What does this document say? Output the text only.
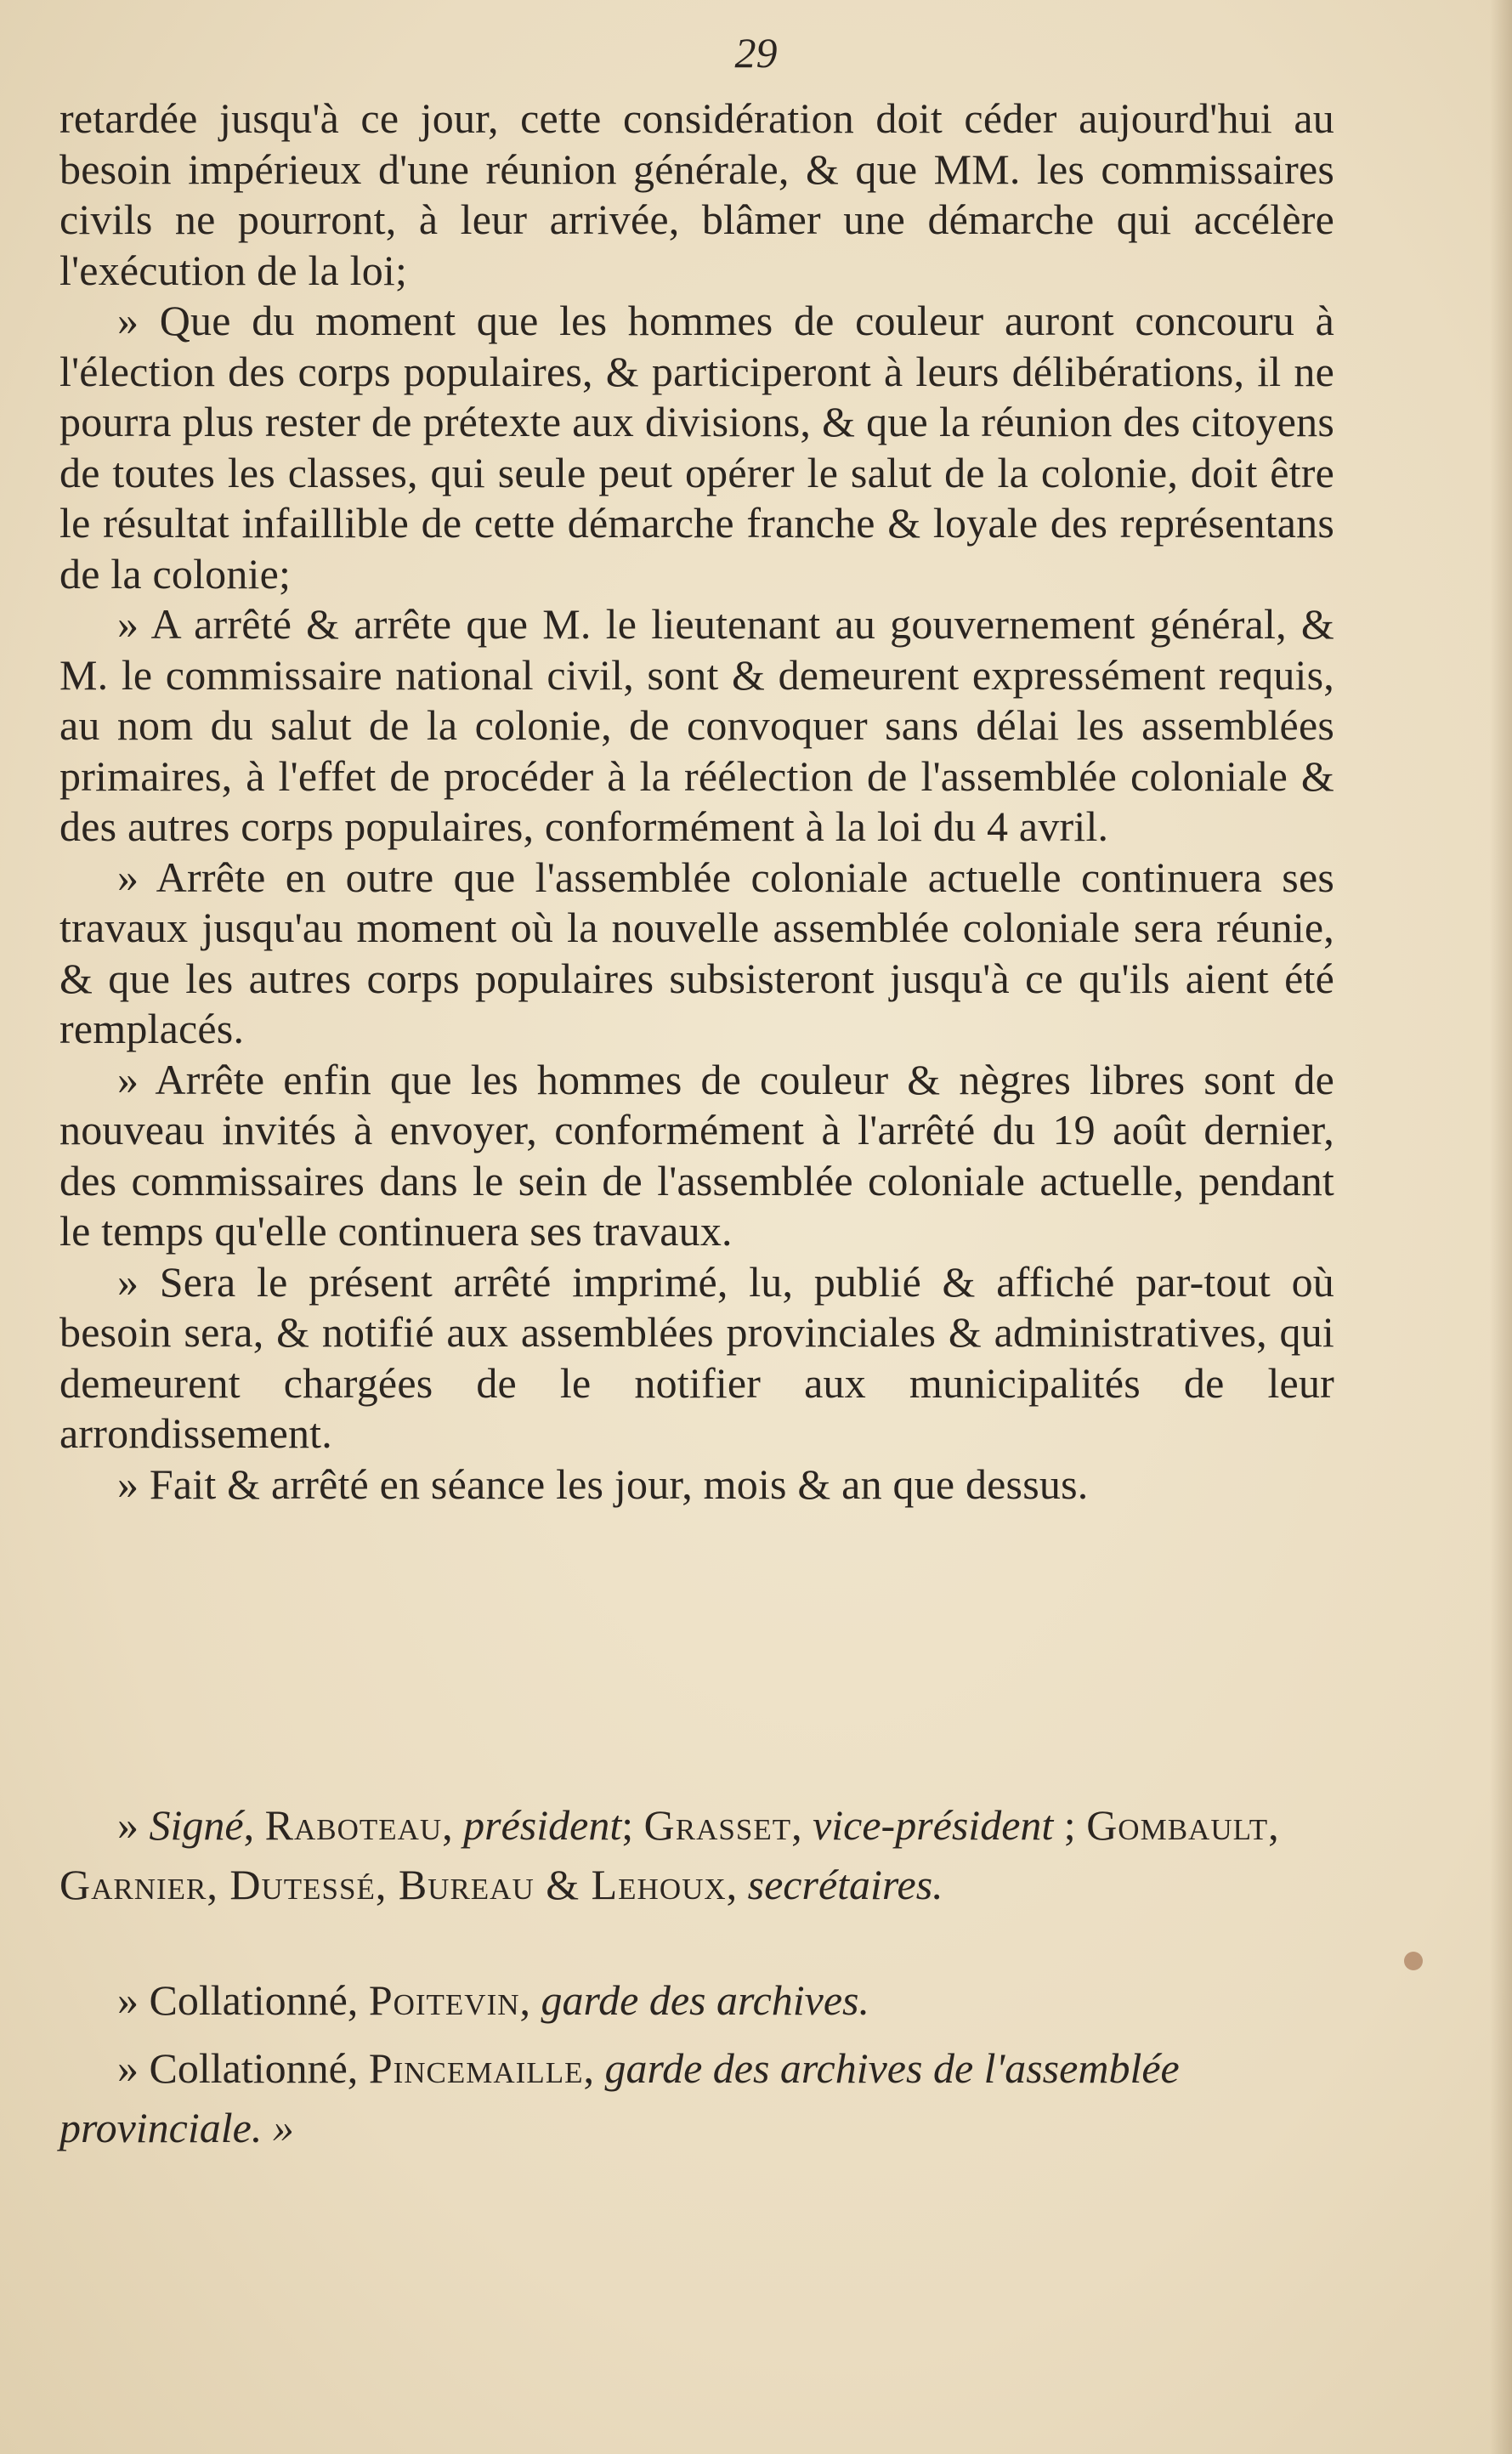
29

retardée jusqu'à ce jour, cette considération doit céder aujourd'hui au besoin impérieux d'une réunion générale, & que MM. les commissaires civils ne pourront, à leur arrivée, blâmer une démarche qui accélère l'exécution de la loi;

» Que du moment que les hommes de couleur auront concouru à l'élection des corps populaires, & participeront à leurs délibérations, il ne pourra plus rester de prétexte aux divisions, & que la réunion des citoyens de toutes les classes, qui seule peut opérer le salut de la colonie, doit être le résultat infaillible de cette démarche franche & loyale des représentans de la colonie;

» A arrêté & arrête que M. le lieutenant au gouvernement général, & M. le commissaire national civil, sont & demeurent expressément requis, au nom du salut de la colonie, de convoquer sans délai les assemblées primaires, à l'effet de procéder à la réélection de l'assemblée coloniale & des autres corps populaires, conformément à la loi du 4 avril.

» Arrête en outre que l'assemblée coloniale actuelle continuera ses travaux jusqu'au moment où la nouvelle assemblée coloniale sera réunie, & que les autres corps populaires subsisteront jusqu'à ce qu'ils aient été remplacés.

» Arrête enfin que les hommes de couleur & nègres libres sont de nouveau invités à envoyer, conformément à l'arrêté du 19 août dernier, des commissaires dans le sein de l'assemblée coloniale actuelle, pendant le temps qu'elle continuera ses travaux.

» Sera le présent arrêté imprimé, lu, publié & affiché par-tout où besoin sera, & notifié aux assemblées provinciales & administratives, qui demeurent chargées de le notifier aux municipalités de leur arrondissement.

» Fait & arrêté en séance les jour, mois & an que dessus.

» Signé, Raboteau, président; Grasset, vice-président ; Gombault, Garnier, Dutessé, Bureau & Lehoux, secrétaires.

» Collationné, Poitevin, garde des archives.

» Collationné, Pincemaille, garde des archives de l'assemblée provinciale. »
